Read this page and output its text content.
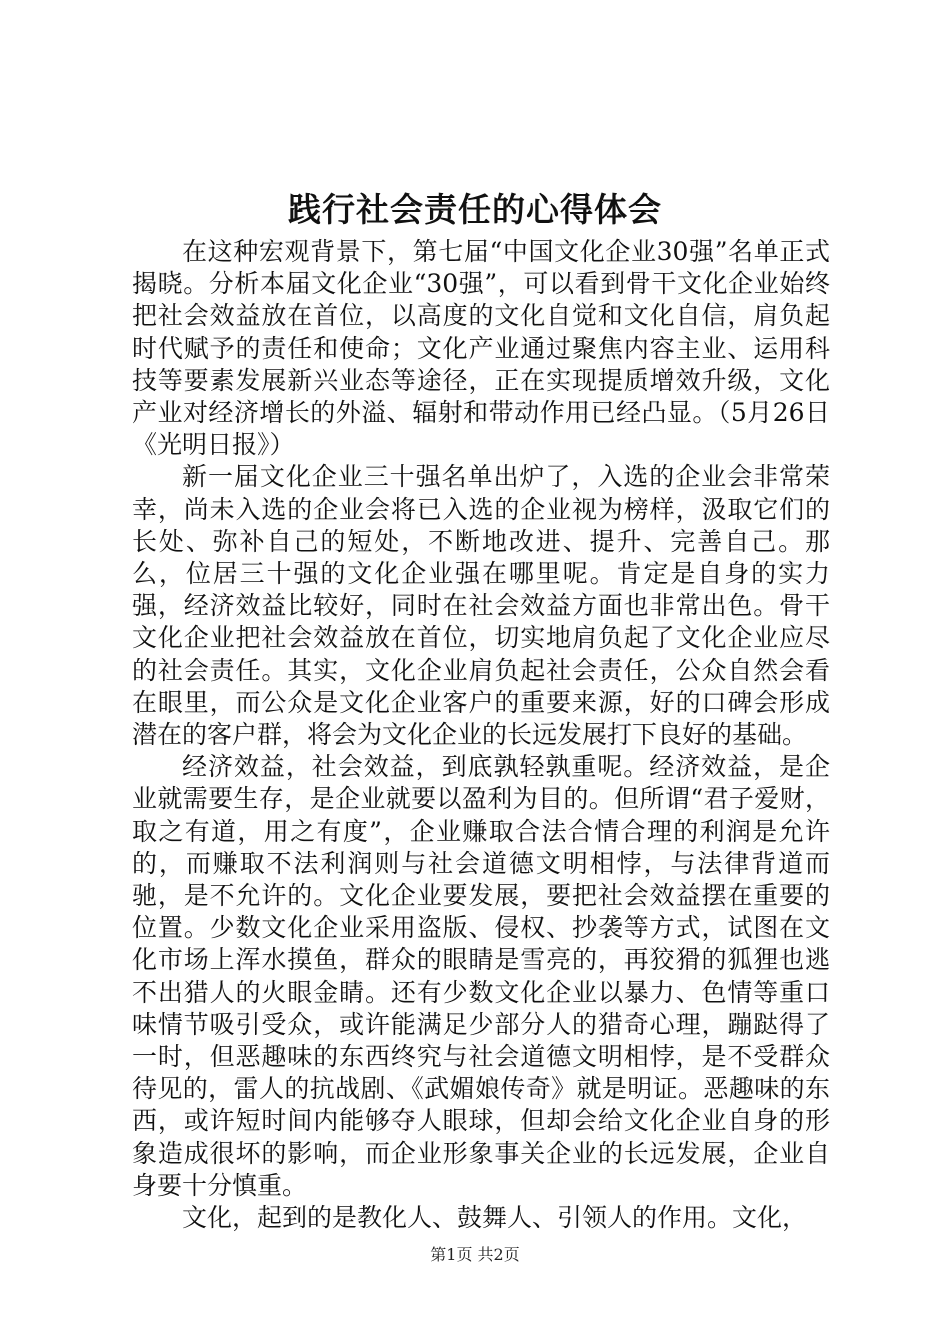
践行社会责任的心得体会

在这种宏观背景下，第七届“中国文化企业30强”名单正式揭晓。分析本届文化企业“30强”，可以看到骨干文化企业始终把社会效益放在首位，以高度的文化自觉和文化自信，肩负起时代赋予的责任和使命；文化产业通过聚焦内容主业、运用科技等要素发展新兴业态等途径，正在实现提质增效升级，文化产业对经济增长的外溢、辐射和带动作用已经凸显。（5月26日《光明日报》）

新一届文化企业三十强名单出炉了，入选的企业会非常荣幸，尚未入选的企业会将已入选的企业视为榜样，汲取它们的长处、弥补自己的短处，不断地改进、提升、完善自己。那么，位居三十强的文化企业强在哪里呢。肯定是自身的实力强，经济效益比较好，同时在社会效益方面也非常出色。骨干文化企业把社会效益放在首位，切实地肩负起了文化企业应尽的社会责任。其实，文化企业肩负起社会责任，公众自然会看在眼里，而公众是文化企业客户的重要来源，好的口碑会形成潜在的客户群，将会为文化企业的长远发展打下良好的基础。

经济效益，社会效益，到底孰轻孰重呢。经济效益，是企业就需要生存，是企业就要以盈利为目的。但所谓“君子爱财，取之有道，用之有度”，企业赚取合法合情合理的利润是允许的，而赚取不法利润则与社会道德文明相悖，与法律背道而驰，是不允许的。文化企业要发展，要把社会效益摆在重要的位置。少数文化企业采用盗版、侵权、抄袭等方式，试图在文化市场上浑水摸鱼，群众的眼睛是雪亮的，再狡猾的狐狸也逃不出猎人的火眼金睛。还有少数文化企业以暴力、色情等重口味情节吸引受众，或许能满足少部分人的猎奇心理，蹦跶得了一时，但恶趣味的东西终究与社会道德文明相悖，是不受群众待见的，雷人的抗战剧、《武媚娘传奇》就是明证。恶趣味的东西，或许短时间内能够夺人眼球，但却会给文化企业自身的形象造成很坏的影响，而企业形象事关企业的长远发展，企业自身要十分慎重。

文化，起到的是教化人、鼓舞人、引领人的作用。文化，

第1页 共2页
